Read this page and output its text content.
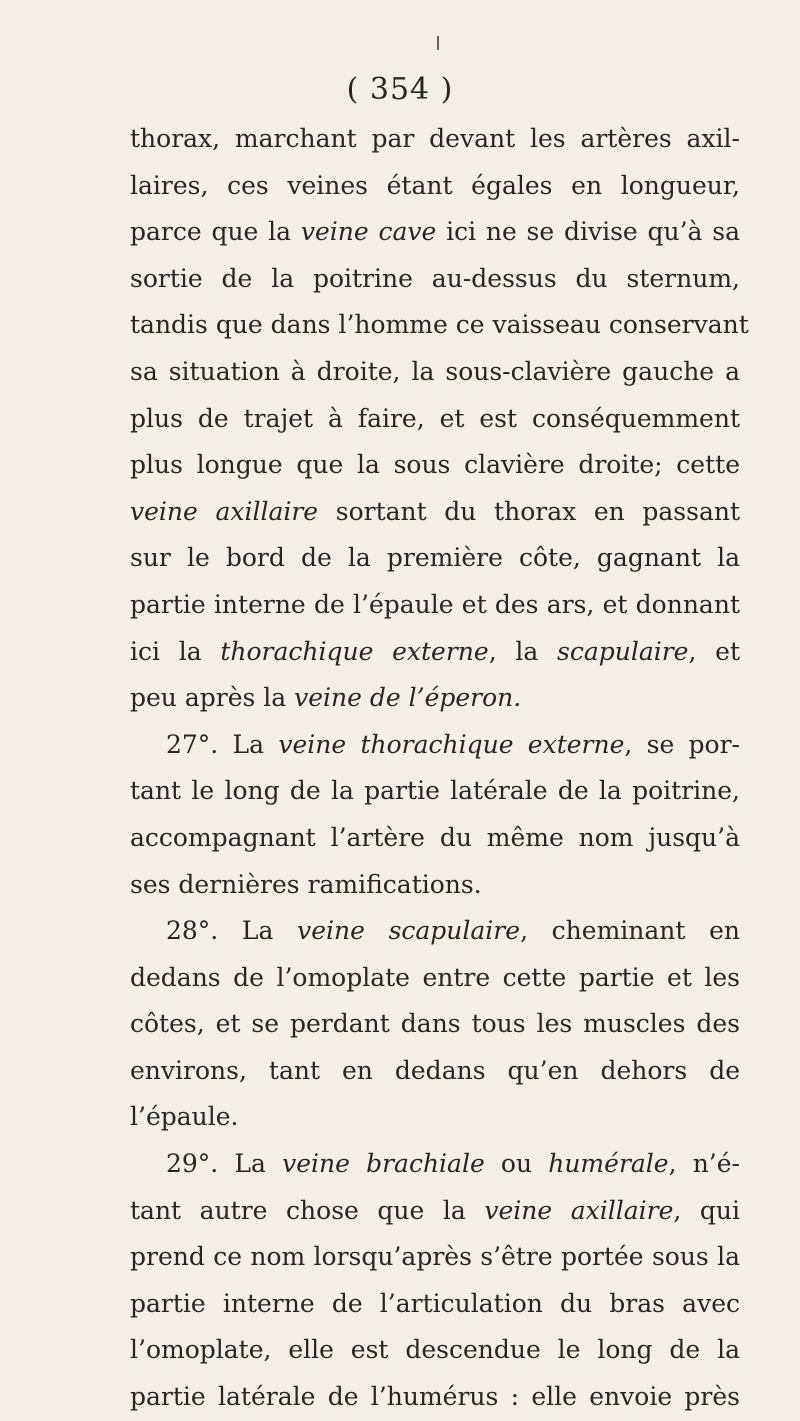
( 354 )
thorax, marchant par devant les artères axil-
laires, ces veines étant égales en longueur,
parce que la veine cave ici ne se divise qu’à sa
sortie de la poitrine au-dessus du sternum,
tandis que dans l’homme ce vaisseau conservant
sa situation à droite, la sous-clavière gauche a
plus de trajet à faire, et est conséquemment
plus longue que la sous clavière droite; cette
veine axillaire sortant du thorax en passant
sur le bord de la première côte, gagnant la
partie interne de l’épaule et des ars, et donnant
ici la thorachique externe, la scapulaire, et
peu après la veine de l’éperon.
27°. La veine thorachique externe, se por-
tant le long de la partie latérale de la poitrine,
accompagnant l’artère du même nom jusqu’à
ses dernières ramifications.
28°. La veine scapulaire, cheminant en
dedans de l’omoplate entre cette partie et les
côtes, et se perdant dans tous les muscles des
environs, tant en dedans qu’en dehors de
l’épaule.
29°. La veine brachiale ou humérale, n’é-
tant autre chose que la veine axillaire, qui
prend ce nom lorsqu’après s’être portée sous la
partie interne de l’articulation du bras avec
l’omoplate, elle est descendue le long de la
partie latérale de l’humérus : elle envoie près
